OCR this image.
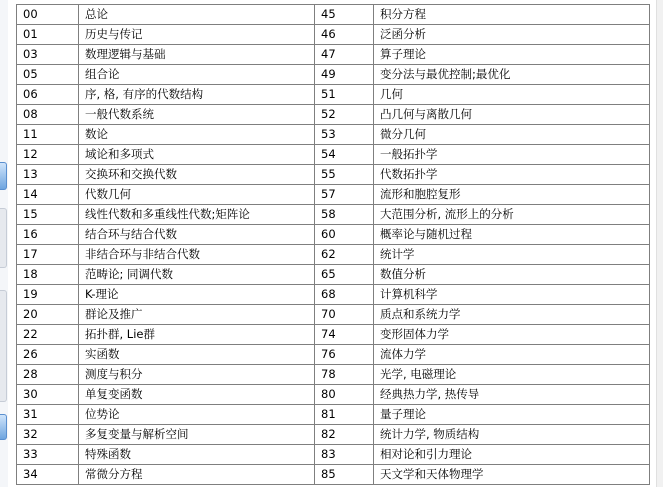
00	总论	45	积分方程
01	历史与传记	46	泛函分析
03	数理逻辑与基础	47	算子理论
05	组合论	49	变分法与最优控制;最优化
06	序, 格, 有序的代数结构	51	几何
08	一般代数系统	52	凸几何与离散几何
11	数论	53	微分几何
12	域论和多项式	54	一般拓扑学
13	交换环和交换代数	55	代数拓扑学
14	代数几何	57	流形和胞腔复形
15	线性代数和多重线性代数;矩阵论	58	大范围分析, 流形上的分析
16	结合环与结合代数	60	概率论与随机过程
17	非结合环与非结合代数	62	统计学
18	范畴论; 同调代数	65	数值分析
19	K-理论	68	计算机科学
20	群论及推广	70	质点和系统力学
22	拓扑群, Lie群	74	变形固体力学
26	实函数	76	流体力学
28	测度与积分	78	光学, 电磁理论
30	单复变函数	80	经典热力学, 热传导
31	位势论	81	量子理论
32	多复变量与解析空间	82	统计力学, 物质结构
33	特殊函数	83	相对论和引力理论
34	常微分方程	85	天文学和天体物理学
